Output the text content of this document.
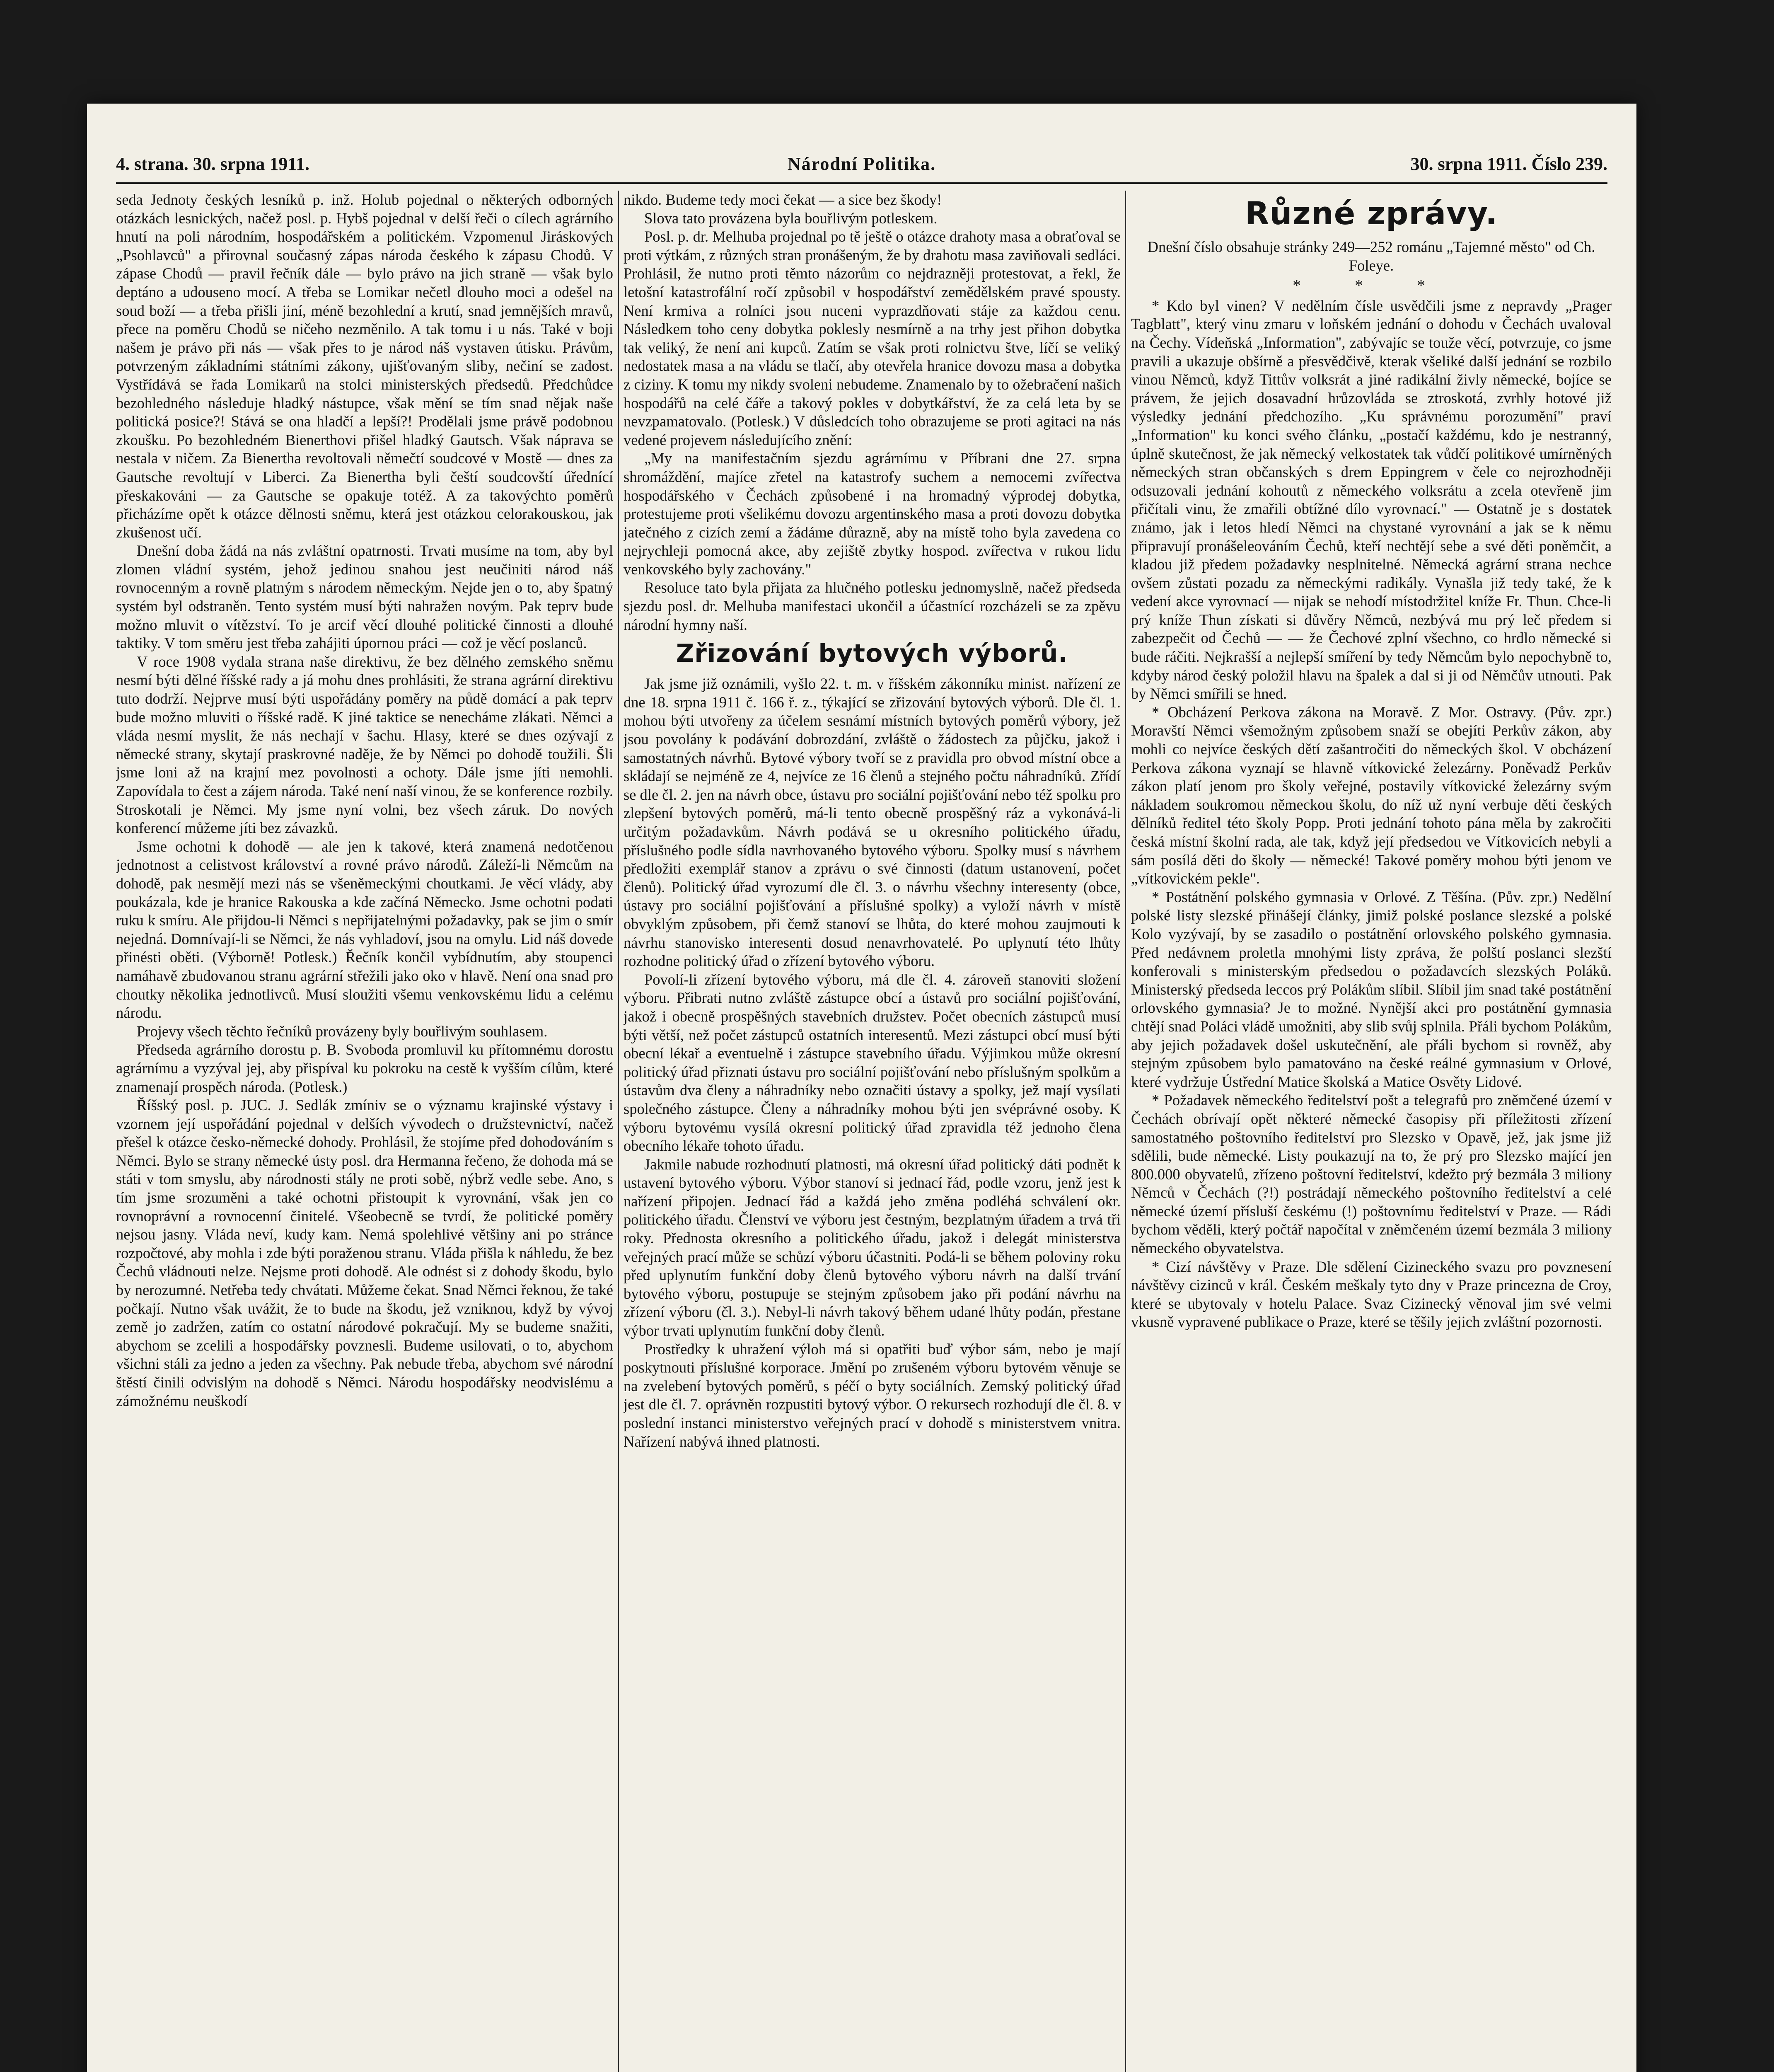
4. strana. 30. srpna 1911.	Národní Politika.	30. srpna 1911. Číslo 239.

seda Jednoty českých lesníků p. inž. Holub pojednal o některých odborných otázkách lesnických, načež posl. p. Hybš pojednal v delší řeči o cílech agrárního hnutí na poli národním, hospodářském a politickém. Vzpomenul Jiráskových „Psohlavců" a přirovnal současný zápas národa českého k zápasu Chodů. V zápase Chodů — pravil řečník dále — bylo právo na jich straně — však bylo deptáno a udouseno mocí. A třeba se Lomikar nečetl dlouho moci a odešel na soud boží — a třeba přišli jiní, méně bezohlední a krutí, snad jemnějších mravů, přece na poměru Chodů se ničeho nezměnilo. A tak tomu i u nás. Také v boji našem je právo při nás — však přes to je národ náš vystaven útisku. Právům, potvrzeným základními státními zákony, ujišťovaným sliby, nečiní se zadost. Vystřídává se řada Lomikarů na stolci ministerských předsedů. Předchůdce bezohledného následuje hladký nástupce, však mění se tím snad nějak naše politická posice?! Stává se ona hladčí a lepší?! Prodělali jsme právě podobnou zkoušku. Po bezohledném Bienerthovi přišel hladký Gautsch. Však náprava se nestala v ničem. Za Bienertha revoltovali němečtí soudcové v Mostě — dnes za Gautsche revoltují v Liberci. Za Bienertha byli čeští soudcovští úřednící přeskakováni — za Gautsche se opakuje totéž. A za takovýchto poměrů přicházíme opět k otázce dělnosti sněmu, která jest otázkou celorakouskou, jak zkušenost učí.

Dnešní doba žádá na nás zvláštní opatrnosti. Trvati musíme na tom, aby byl zlomen vládní systém, jehož jedinou snahou jest neučiniti národ náš rovnocenným a rovně platným s národem německým. Nejde jen o to, aby špatný systém byl odstraněn. Tento systém musí býti nahražen novým. Pak teprv bude možno mluvit o vítězství. To je arcif věcí dlouhé politické činnosti a dlouhé taktiky. V tom směru jest třeba zahájiti úpornou práci — což je věcí poslanců.

V roce 1908 vydala strana naše direktivu, že bez dělného zemského sněmu nesmí býti dělné říšské rady a já mohu dnes prohlásiti, že strana agrární direktivu tuto dodrží. Nejprve musí býti uspořádány poměry na půdě domácí a pak teprv bude možno mluviti o říšské radě. K jiné taktice se nenecháme zlákati. Němci a vláda nesmí myslit, že nás nechají v šachu. Hlasy, které se dnes ozývají z německé strany, skytají praskrovné naděje, že by Němci po dohodě toužili. Šli jsme loni až na krajní mez povolnosti a ochoty. Dále jsme jíti nemohli. Zapovídala to čest a zájem národa. Také není naší vinou, že se konference rozbily. Stroskotali je Němci. My jsme nyní volni, bez všech záruk. Do nových konferencí můžeme jíti bez závazků.

Jsme ochotni k dohodě — ale jen k takové, která znamená nedotčenou jednotnost a celistvost království a rovné právo národů. Záleží-li Němcům na dohodě, pak nesmějí mezi nás se všeněmeckými choutkami. Je věcí vlády, aby poukázala, kde je hranice Rakouska a kde začíná Německo. Jsme ochotni podati ruku k smíru. Ale přijdou-li Němci s nepřijatelnými požadavky, pak se jim o smír nejedná. Domnívají-li se Němci, že nás vyhladoví, jsou na omylu. Lid náš dovede přinésti oběti. (Výborně! Potlesk.) Řečník končil vybídnutím, aby stoupenci namáhavě zbudovanou stranu agrární střežili jako oko v hlavě. Není ona snad pro choutky několika jednotlivců. Musí sloužiti všemu venkovskému lidu a celému národu.

Projevy všech těchto řečníků provázeny byly bouřlivým souhlasem.

Předseda agrárního dorostu p. B. Svoboda promluvil ku přítomnému dorostu agrárnímu a vyzýval jej, aby přispíval ku pokroku na cestě k vyšším cílům, které znamenají prospěch národa. (Potlesk.)

Říšský posl. p. JUC. J. Sedlák zmíniv se o významu krajinské výstavy i vzornem její uspořádání pojednal v delších vývodech o družstevnictví, načež přešel k otázce česko-německé dohody. Prohlásil, že stojíme před dohodováním s Němci. Bylo se strany německé ústy posl. dra Hermanna řečeno, že dohoda má se státi v tom smyslu, aby národnosti stály ne proti sobě, nýbrž vedle sebe. Ano, s tím jsme srozuměni a také ochotni přistoupit k vyrovnání, však jen co rovnoprávní a rovnocenní činitelé. Všeobecně se tvrdí, že politické poměry nejsou jasny. Vláda neví, kudy kam. Nemá spolehlivé většiny ani po stránce rozpočtové, aby mohla i zde býti poraženou stranu. Vláda přišla k náhledu, že bez Čechů vládnouti nelze. Nejsme proti dohodě. Ale odnést si z dohody škodu, bylo by nerozumné. Netřeba tedy chvátati. Můžeme čekat. Snad Němci řeknou, že také počkají. Nutno však uvážit, že to bude na škodu, jež vzniknou, když by vývoj země jo zadržen, zatím co ostatní národové pokračují. My se budeme snažiti, abychom se zcelili a hospodářsky povznesli. Budeme usilovati, o to, abychom všichni stáli za jedno a jeden za všechny. Pak nebude třeba, abychom své národní štěstí činili odvislým na dohodě s Němci. Národu hospodářsky neodvislému a zámožnému neuškodí

nikdo. Budeme tedy moci čekat — a sice bez škody!

Slova tato provázena byla bouřlivým potleskem.

Posl. p. dr. Melhuba projednal po tě ještě o otázce drahoty masa a obraťoval se proti výtkám, z různých stran pronášeným, že by drahotu masa zaviňovali sedláci. Prohlásil, že nutno proti těmto názorům co nejdrazněji protestovat, a řekl, že letošní katastrofální ročí způsobil v hospodářství zemědělském pravé spousty. Není krmiva a rolníci jsou nuceni vyprazdňovati stáje za každou cenu. Následkem toho ceny dobytka poklesly nesmírně a na trhy jest přihon dobytka tak veliký, že není ani kupců. Zatím se však proti rolnictvu štve, líčí se veliký nedostatek masa a na vládu se tlačí, aby otevřela hranice dovozu masa a dobytka z ciziny. K tomu my nikdy svoleni nebudeme. Znamenalo by to ožebračení našich hospodářů na celé čáře a takový pokles v dobytkářství, že za celá leta by se nevzpamatovalo. (Potlesk.) V důsledcích toho obrazujeme se proti agitaci na nás vedené projevem následujícího znění:

„My na manifestačním sjezdu agrárnímu v Příbrani dne 27. srpna shromáždění, majíce zřetel na katastrofy suchem a nemocemi zvířectva hospodářského v Čechách způsobené i na hromadný výprodej dobytka, protestujeme proti všelikému dovozu argentinského masa a proti dovozu dobytka jatečného z cizích zemí a žádáme důrazně, aby na místě toho byla zavedena co nejrychleji pomocná akce, aby zejiště zbytky hospod. zvířectva v rukou lidu venkovského byly zachovány."

Resoluce tato byla přijata za hlučného potlesku jednomyslně, načež předseda sjezdu posl. dr. Melhuba manifestaci ukončil a účastnící rozcházeli se za zpěvu národní hymny naší.

Zřizování bytových výborů.

Jak jsme již oznámili, vyšlo 22. t. m. v říšském zákonníku minist. nařízení ze dne 18. srpna 1911 č. 166 ř. z., týkající se zřizování bytových výborů. Dle čl. 1. mohou býti utvořeny za účelem sesnámí místních bytových poměrů výbory, jež jsou povolány k podávání dobrozdání, zvláště o žádostech za půjčku, jakož i samostatných návrhů. Bytové výbory tvoří se z pravidla pro obvod místní obce a skládají se nejméně ze 4, nejvíce ze 16 členů a stejného počtu náhradníků. Zřídí se dle čl. 2. jen na návrh obce, ústavu pro sociální pojišťování nebo též spolku pro zlepšení bytových poměrů, má-li tento obecně prospěšný ráz a vykonává-li určitým požadavkům. Návrh podává se u okresního politického úřadu, příslušného podle sídla navrhovaného bytového výboru. Spolky musí s návrhem předložiti exemplář stanov a zprávu o své činnosti (datum ustanovení, počet členů). Politický úřad vyrozumí dle čl. 3. o návrhu všechny interesenty (obce, ústavy pro sociální pojišťování a příslušné spolky) a vyloží návrh v místě obvyklým způsobem, při čemž stanoví se lhůta, do které mohou zaujmouti k návrhu stanovisko interesenti dosud nenavrhovatelé. Po uplynutí této lhůty rozhodne politický úřad o zřízení bytového výboru.

Povolí-li zřízení bytového výboru, má dle čl. 4. zároveň stanoviti složení výboru. Přibrati nutno zvláště zástupce obcí a ústavů pro sociální pojišťování, jakož i obecně prospěšných stavebních družstev. Počet obecních zástupců musí býti větší, než počet zástupců ostatních interesentů. Mezi zástupci obcí musí býti obecní lékař a eventuelně i zástupce stavebního úřadu. Výjimkou může okresní politický úřad přiznati ústavu pro sociální pojišťování nebo příslušným spolkům a ústavům dva členy a náhradníky nebo označiti ústavy a spolky, jež mají vysílati společného zástupce. Členy a náhradníky mohou býti jen svéprávné osoby. K výboru bytovému vysílá okresní politický úřad zpravidla též jednoho člena obecního lékaře tohoto úřadu.

Jakmile nabude rozhodnutí platnosti, má okresní úřad politický dáti podnět k ustavení bytového výboru. Výbor stanoví si jednací řád, podle vzoru, jenž jest k nařízení připojen. Jednací řád a každá jeho změna podléhá schválení okr. politického úřadu. Členství ve výboru jest čestným, bezplatným úřadem a trvá tři roky. Přednosta okresního a politického úřadu, jakož i delegát ministerstva veřejných prací může se schůzí výboru účastniti. Podá-li se během poloviny roku před uplynutím funkční doby členů bytového výboru návrh na další trvání bytového výboru, postupuje se stejným způsobem jako při podání návrhu na zřízení výboru (čl. 3.). Nebyl-li návrh takový během udané lhůty podán, přestane výbor trvati uplynutím funkční doby členů.

Prostředky k uhražení výloh má si opatřiti buď výbor sám, nebo je mají poskytnouti příslušné korporace. Jmění po zrušeném výboru bytovém věnuje se na zvelebení bytových poměrů, s péčí o byty sociálních. Zemský politický úřad jest dle čl. 7. oprávněn rozpustiti bytový výbor. O rekursech rozhodují dle čl. 8. v poslední instanci ministerstvo veřejných prací v dohodě s ministerstvem vnitra. Nařízení nabývá ihned platnosti.

Různé zprávy.

Dnešní číslo obsahuje stránky 249—252 románu „Tajemné město" od Ch. Foleye.

* * *

* Kdo byl vinen? V nedělním čísle usvědčili jsme z nepravdy „Prager Tagblatt", který vinu zmaru v loňském jednání o dohodu v Čechách uvaloval na Čechy. Vídeňská „Information", zabývajíc se touže věcí, potvrzuje, co jsme pravili a ukazuje obšírně a přesvědčivě, kterak všeliké další jednání se rozbilo vinou Němců, když Tittův volksrát a jiné radikální živly německé, bojíce se právem, že jejich dosavadní hrůzovláda se ztroskotá, zvrhly hotové již výsledky jednání předchozího. „Ku správnému porozumění" praví „Information" ku konci svého článku, „postačí každému, kdo je nestranný, úplně skutečnost, že jak německý velkostatek tak vůdčí politikové umírněných německých stran občanských s drem Eppingrem v čele co nejrozhodněji odsuzovali jednání kohoutů z německého volksrátu a zcela otevřeně jim přičítali vinu, že zmařili obtížné dílo vyrovnací." — Ostatně je s dostatek známo, jak i letos hledí Němci na chystané vyrovnání a jak se k němu připravují pronášeleováním Čechů, kteří nechtějí sebe a své děti poněmčit, a kladou již předem požadavky nesplnitelné. Německá agrární strana nechce ovšem zůstati pozadu za německými radikály. Vynašla již tedy také, že k vedení akce vyrovnací — nijak se nehodí místodržitel kníže Fr. Thun. Chce-li prý kníže Thun získati si důvěry Němců, nezbývá mu prý leč předem si zabezpečit od Čechů — — že Čechové zplní všechno, co hrdlo německé si bude ráčiti. Nejkrašší a nejlepší smíření by tedy Němcům bylo nepochybně to, kdyby národ český položil hlavu na špalek a dal si ji od Němčův utnouti. Pak by Němci smířili se hned.

* Obcházení Perkova zákona na Moravě. Z Mor. Ostravy. (Pův. zpr.) Moravští Němci všemožným způsobem snaží se obejíti Perkův zákon, aby mohli co nejvíce českých dětí zašantročiti do německých škol. V obcházení Perkova zákona vyznají se hlavně vítkovické železárny. Poněvadž Perkův zákon platí jenom pro školy veřejné, postavily vítkovické železárny svým nákladem soukromou německou školu, do níž už nyní verbuje děti českých dělníků ředitel této školy Popp. Proti jednání tohoto pána měla by zakročiti česká místní školní rada, ale tak, když její předsedou ve Vítkovicích nebyli a sám posílá děti do školy — německé! Takové poměry mohou býti jenom ve „vítkovickém pekle".

* Postátnění polského gymnasia v Orlové. Z Těšína. (Pův. zpr.) Nedělní polské listy slezské přinášejí články, jimiž polské poslance slezské a polské Kolo vyzývají, by se zasadilo o postátnění orlovského polského gymnasia. Před nedávnem proletla mnohými listy zpráva, že polští poslanci slezští konferovali s ministerským předsedou o požadavcích slezských Poláků. Ministerský předseda leccos prý Polákům slíbil. Slíbil jim snad také postátnění orlovského gymnasia? Je to možné. Nynější akci pro postátnění gymnasia chtějí snad Poláci vládě umožniti, aby slib svůj splnila. Přáli bychom Polákům, aby jejich požadavek došel uskutečnění, ale přáli bychom si rovněž, aby stejným způsobem bylo pamatováno na české reálné gymnasium v Orlové, které vydržuje Ústřední Matice školská a Matice Osvěty Lidové.

* Požadavek německého ředitelství pošt a telegrafů pro zněmčené území v Čechách obrívají opět některé německé časopisy při příležitosti zřízení samostatného poštovního ředitelství pro Slezsko v Opavě, jež, jak jsme již sdělili, bude německé. Listy poukazují na to, že prý pro Slezsko mající jen 800.000 obyvatelů, zřízeno poštovní ředitelství, kdežto prý bezmála 3 miliony Němců v Čechách (?!) postrádají německého poštovního ředitelství a celé německé území přísluší českému (!) poštovnímu ředitelství v Praze. — Rádi bychom věděli, který počtář napočítal v zněmčeném území bezmála 3 miliony německého obyvatelstva.

* Cizí návštěvy v Praze. Dle sdělení Cizineckého svazu pro povznesení návštěvy cizinců v král. Českém meškaly tyto dny v Praze princezna de Croy, které se ubytovaly v hotelu Palace. Svaz Cizinecký věnoval jim své velmi vkusně vypravené publikace o Praze, které se těšily jejich zvláštní pozornosti.
